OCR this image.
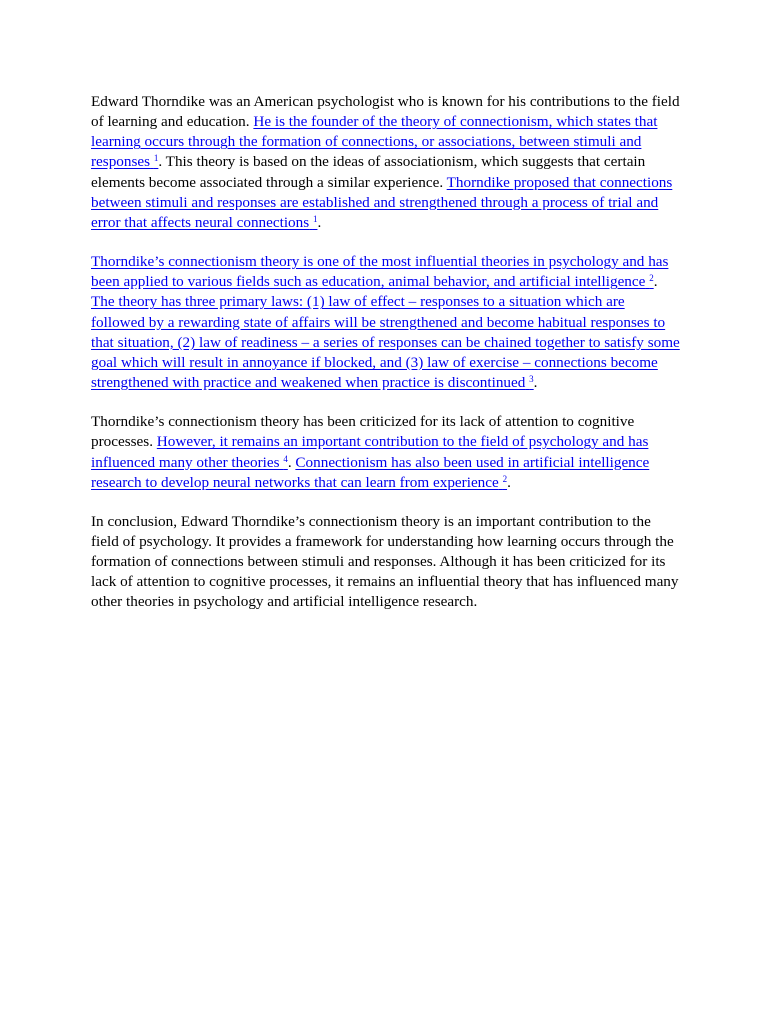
Edward Thorndike was an American psychologist who is known for his contributions to the field of learning and education. He is the founder of the theory of connectionism, which states that learning occurs through the formation of connections, or associations, between stimuli and responses $^1$. This theory is based on the ideas of associationism, which suggests that certain elements become associated through a similar experience. Thorndike proposed that connections between stimuli and responses are established and strengthened through a process of trial and error that affects neural connections $^1$.

Thorndike’s connectionism theory is one of the most influential theories in psychology and has been applied to various fields such as education, animal behavior, and artificial intelligence $^2$. The theory has three primary laws: (1) law of effect – responses to a situation which are followed by a rewarding state of affairs will be strengthened and become habitual responses to that situation, (2) law of readiness – a series of responses can be chained together to satisfy some goal which will result in annoyance if blocked, and (3) law of exercise – connections become strengthened with practice and weakened when practice is discontinued $^3$.

Thorndike’s connectionism theory has been criticized for its lack of attention to cognitive processes. However, it remains an important contribution to the field of psychology and has influenced many other theories $^4$. Connectionism has also been used in artificial intelligence research to develop neural networks that can learn from experience $^2$.

In conclusion, Edward Thorndike’s connectionism theory is an important contribution to the field of psychology. It provides a framework for understanding how learning occurs through the formation of connections between stimuli and responses. Although it has been criticized for its lack of attention to cognitive processes, it remains an influential theory that has influenced many other theories in psychology and artificial intelligence research.
